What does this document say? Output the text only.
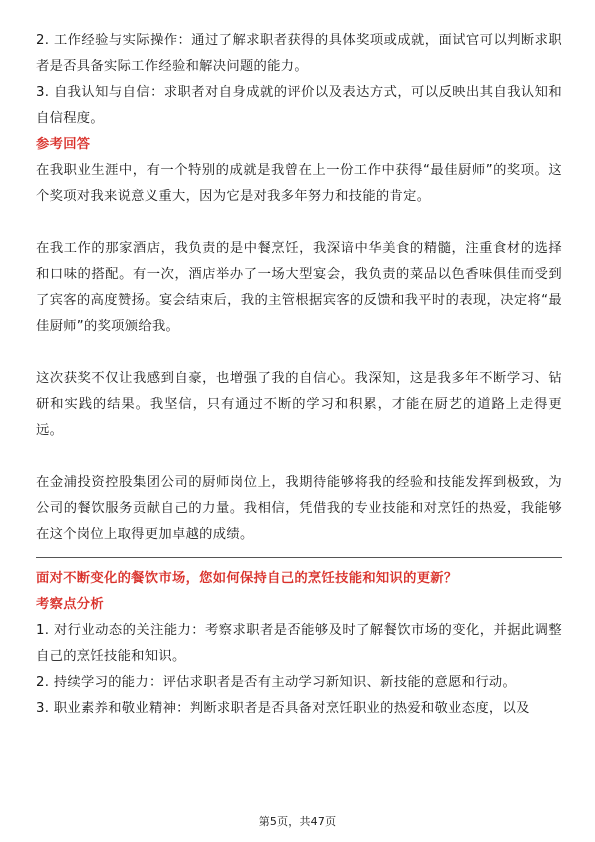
2. 工作经验与实际操作：通过了解求职者获得的具体奖项或成就，面试官可以判断求职者是否具备实际工作经验和解决问题的能力。

3. 自我认知与自信：求职者对自身成就的评价以及表达方式，可以反映出其自我认知和自信程度。

参考回答

在我职业生涯中，有一个特别的成就是我曾在上一份工作中获得“最佳厨师”的奖项。这个奖项对我来说意义重大，因为它是对我多年努力和技能的肯定。

在我工作的那家酒店，我负责的是中餐烹饪，我深谙中华美食的精髓，注重食材的选择和口味的搭配。有一次，酒店举办了一场大型宴会，我负责的菜品以色香味俱佳而受到了宾客的高度赞扬。宴会结束后，我的主管根据宾客的反馈和我平时的表现，决定将“最佳厨师”的奖项颁给我。

这次获奖不仅让我感到自豪，也增强了我的自信心。我深知，这是我多年不断学习、钻研和实践的结果。我坚信，只有通过不断的学习和积累，才能在厨艺的道路上走得更远。

在金浦投资控股集团公司的厨师岗位上，我期待能够将我的经验和技能发挥到极致，为公司的餐饮服务贡献自己的力量。我相信，凭借我的专业技能和对烹饪的热爱，我能够在这个岗位上取得更加卓越的成绩。

面对不断变化的餐饮市场，您如何保持自己的烹饪技能和知识的更新？

考察点分析

1. 对行业动态的关注能力：考察求职者是否能够及时了解餐饮市场的变化，并据此调整自己的烹饪技能和知识。

2. 持续学习的能力：评估求职者是否有主动学习新知识、新技能的意愿和行动。

3. 职业素养和敬业精神：判断求职者是否具备对烹饪职业的热爱和敬业态度，以及

第5页，共47页
